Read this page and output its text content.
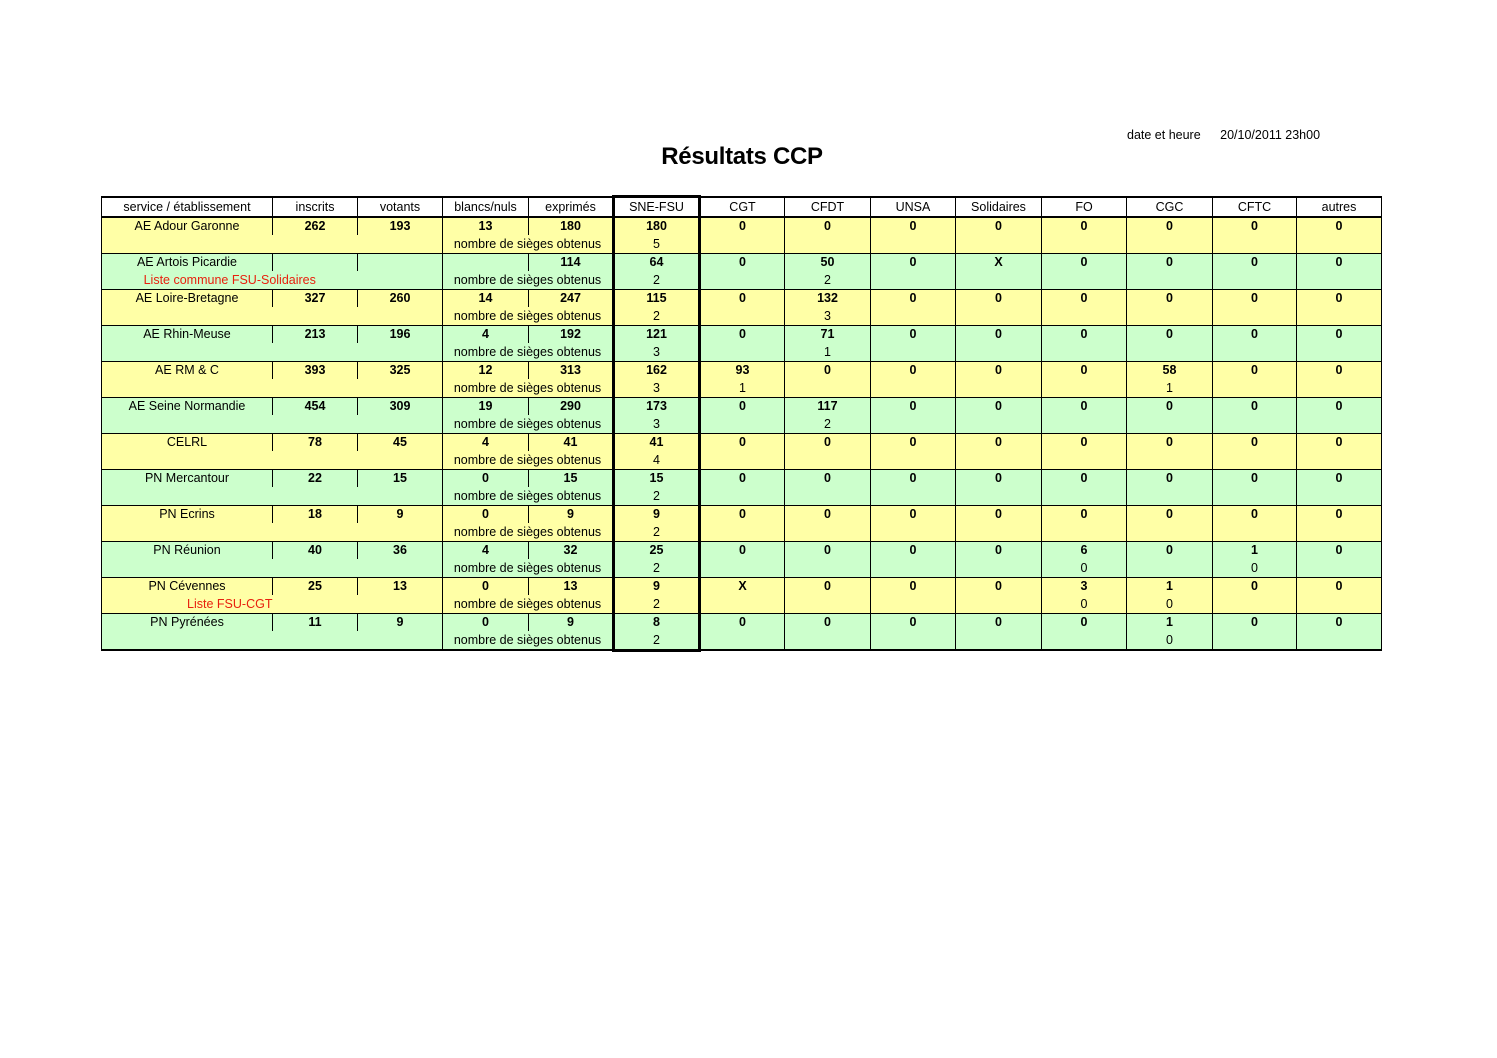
date et heure 20/10/2011 23h00
Résultats CCP
service / établissement	inscrits	votants	blancs/nuls	exprimés	SNE-FSU	CGT	CFDT	UNSA	Solidaires	FO	CGC	CFTC	autres
AE Adour Garonne	262	193	13	180	180	0	0	0	0	0	0	0	0
			nombre de sièges obtenus		5								
AE Artois Picardie				114	64	0	50	0	X	0	0	0	0
Liste commune FSU-Solidaires			nombre de sièges obtenus		2		2						
AE Loire-Bretagne	327	260	14	247	115	0	132	0	0	0	0	0	0
			nombre de sièges obtenus		2		3						
AE Rhin-Meuse	213	196	4	192	121	0	71	0	0	0	0	0	0
			nombre de sièges obtenus		3		1						
AE RM & C	393	325	12	313	162	93	0	0	0	0	58	0	0
			nombre de sièges obtenus		3	1					1		
AE Seine Normandie	454	309	19	290	173	0	117	0	0	0	0	0	0
			nombre de sièges obtenus		3		2						
CELRL	78	45	4	41	41	0	0	0	0	0	0	0	0
			nombre de sièges obtenus		4								
PN Mercantour	22	15	0	15	15	0	0	0	0	0	0	0	0
			nombre de sièges obtenus		2								
PN Ecrins	18	9	0	9	9	0	0	0	0	0	0	0	0
			nombre de sièges obtenus		2								
PN Réunion	40	36	4	32	25	0	0	0	0	6	0	1	0
			nombre de sièges obtenus		2					0		0	
PN Cévennes	25	13	0	13	9	X	0	0	0	3	1	0	0
Liste FSU-CGT			nombre de sièges obtenus		2					0	0		
PN Pyrénées	11	9	0	9	8	0	0	0	0	0	1	0	0
			nombre de sièges obtenus		2						0		
